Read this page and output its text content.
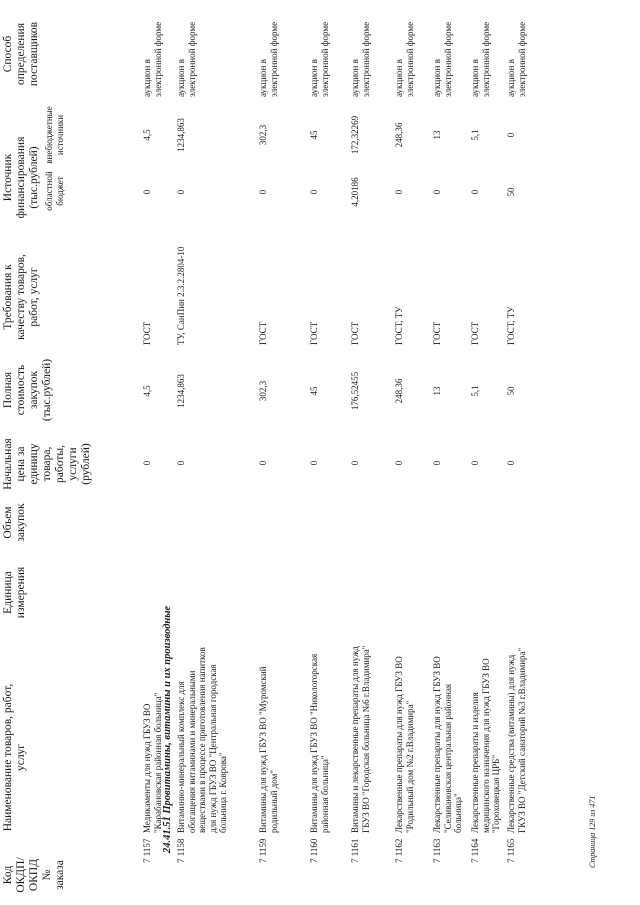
Код ОКДП/ ОКПД № заказа
Наименование товаров, работ, услуг
Единица измерения
Объем закупок
Начальная цена за единицу товара, работы, услуги (рублей)
Полная стоимость закупок (тыс.рублей)
Требования к качеству товаров, работ, услуг
Источник финансирования (тыс.рублей) областной бюджет
внебюджетные источники
Способ определения поставщиков
24.41.51 Провитамины, витамины и их производные
7 1157
Медикаменты для нужд ГБУЗ ВО "Карабановская районная больница"
0
4,5
ГОСТ
0
4,5
аукцион в электронной форме
7 1158
Витаминно-минеральный комплекс для обогащения витаминами и минеральными веществами в процессе приготовления напитков для нужд ГБУЗ ВО "Центральная городская больница г. Коврова"
0
1234,863
ТУ, СанПин 2.3.2.2804-10
0
1234,863
аукцион в электронной форме
7 1159
Витамины для нужд ГБУЗ ВО "Муромский родильный дом"
0
302,3
ГОСТ
0
302,3
аукцион в электронной форме
7 1160
Витамины для нужд ГБУЗ ВО "Никологорская районная больница"
0
45
ГОСТ
0
45
аукцион в электронной форме
7 1161
Витамины и лекарственные препараты для нужд ГБУЗ ВО "Городская больница №6 г.Владимира"
0
176,52455
ГОСТ
4,20186
172,32269
аукцион в электронной форме
7 1162
Лекарственные препараты для нужд ГБУЗ ВО "Родильный дом №2 г.Владимира"
0
248,36
ГОСТ, ТУ
0
248,36
аукцион в электронной форме
7 1163
Лекарственные препараты для нужд ГБУЗ ВО "Селивановская центральная районная больница"
0
13
ГОСТ
0
13
аукцион в электронной форме
7 1164
Лекарственные препараты и изделия медицинского назначения для нужд ГБУЗ ВО "Гороховецкая ЦРБ"
0
5,1
ГОСТ
0
5,1
аукцион в электронной форме
7 1165
Лекарственные средства (витамины) для нужд ГКУЗ ВО "Детский санаторий №3 г.Владимира"
0
50
ГОСТ, ТУ
50
0
аукцион в электронной форме
Страница 129 из 471
